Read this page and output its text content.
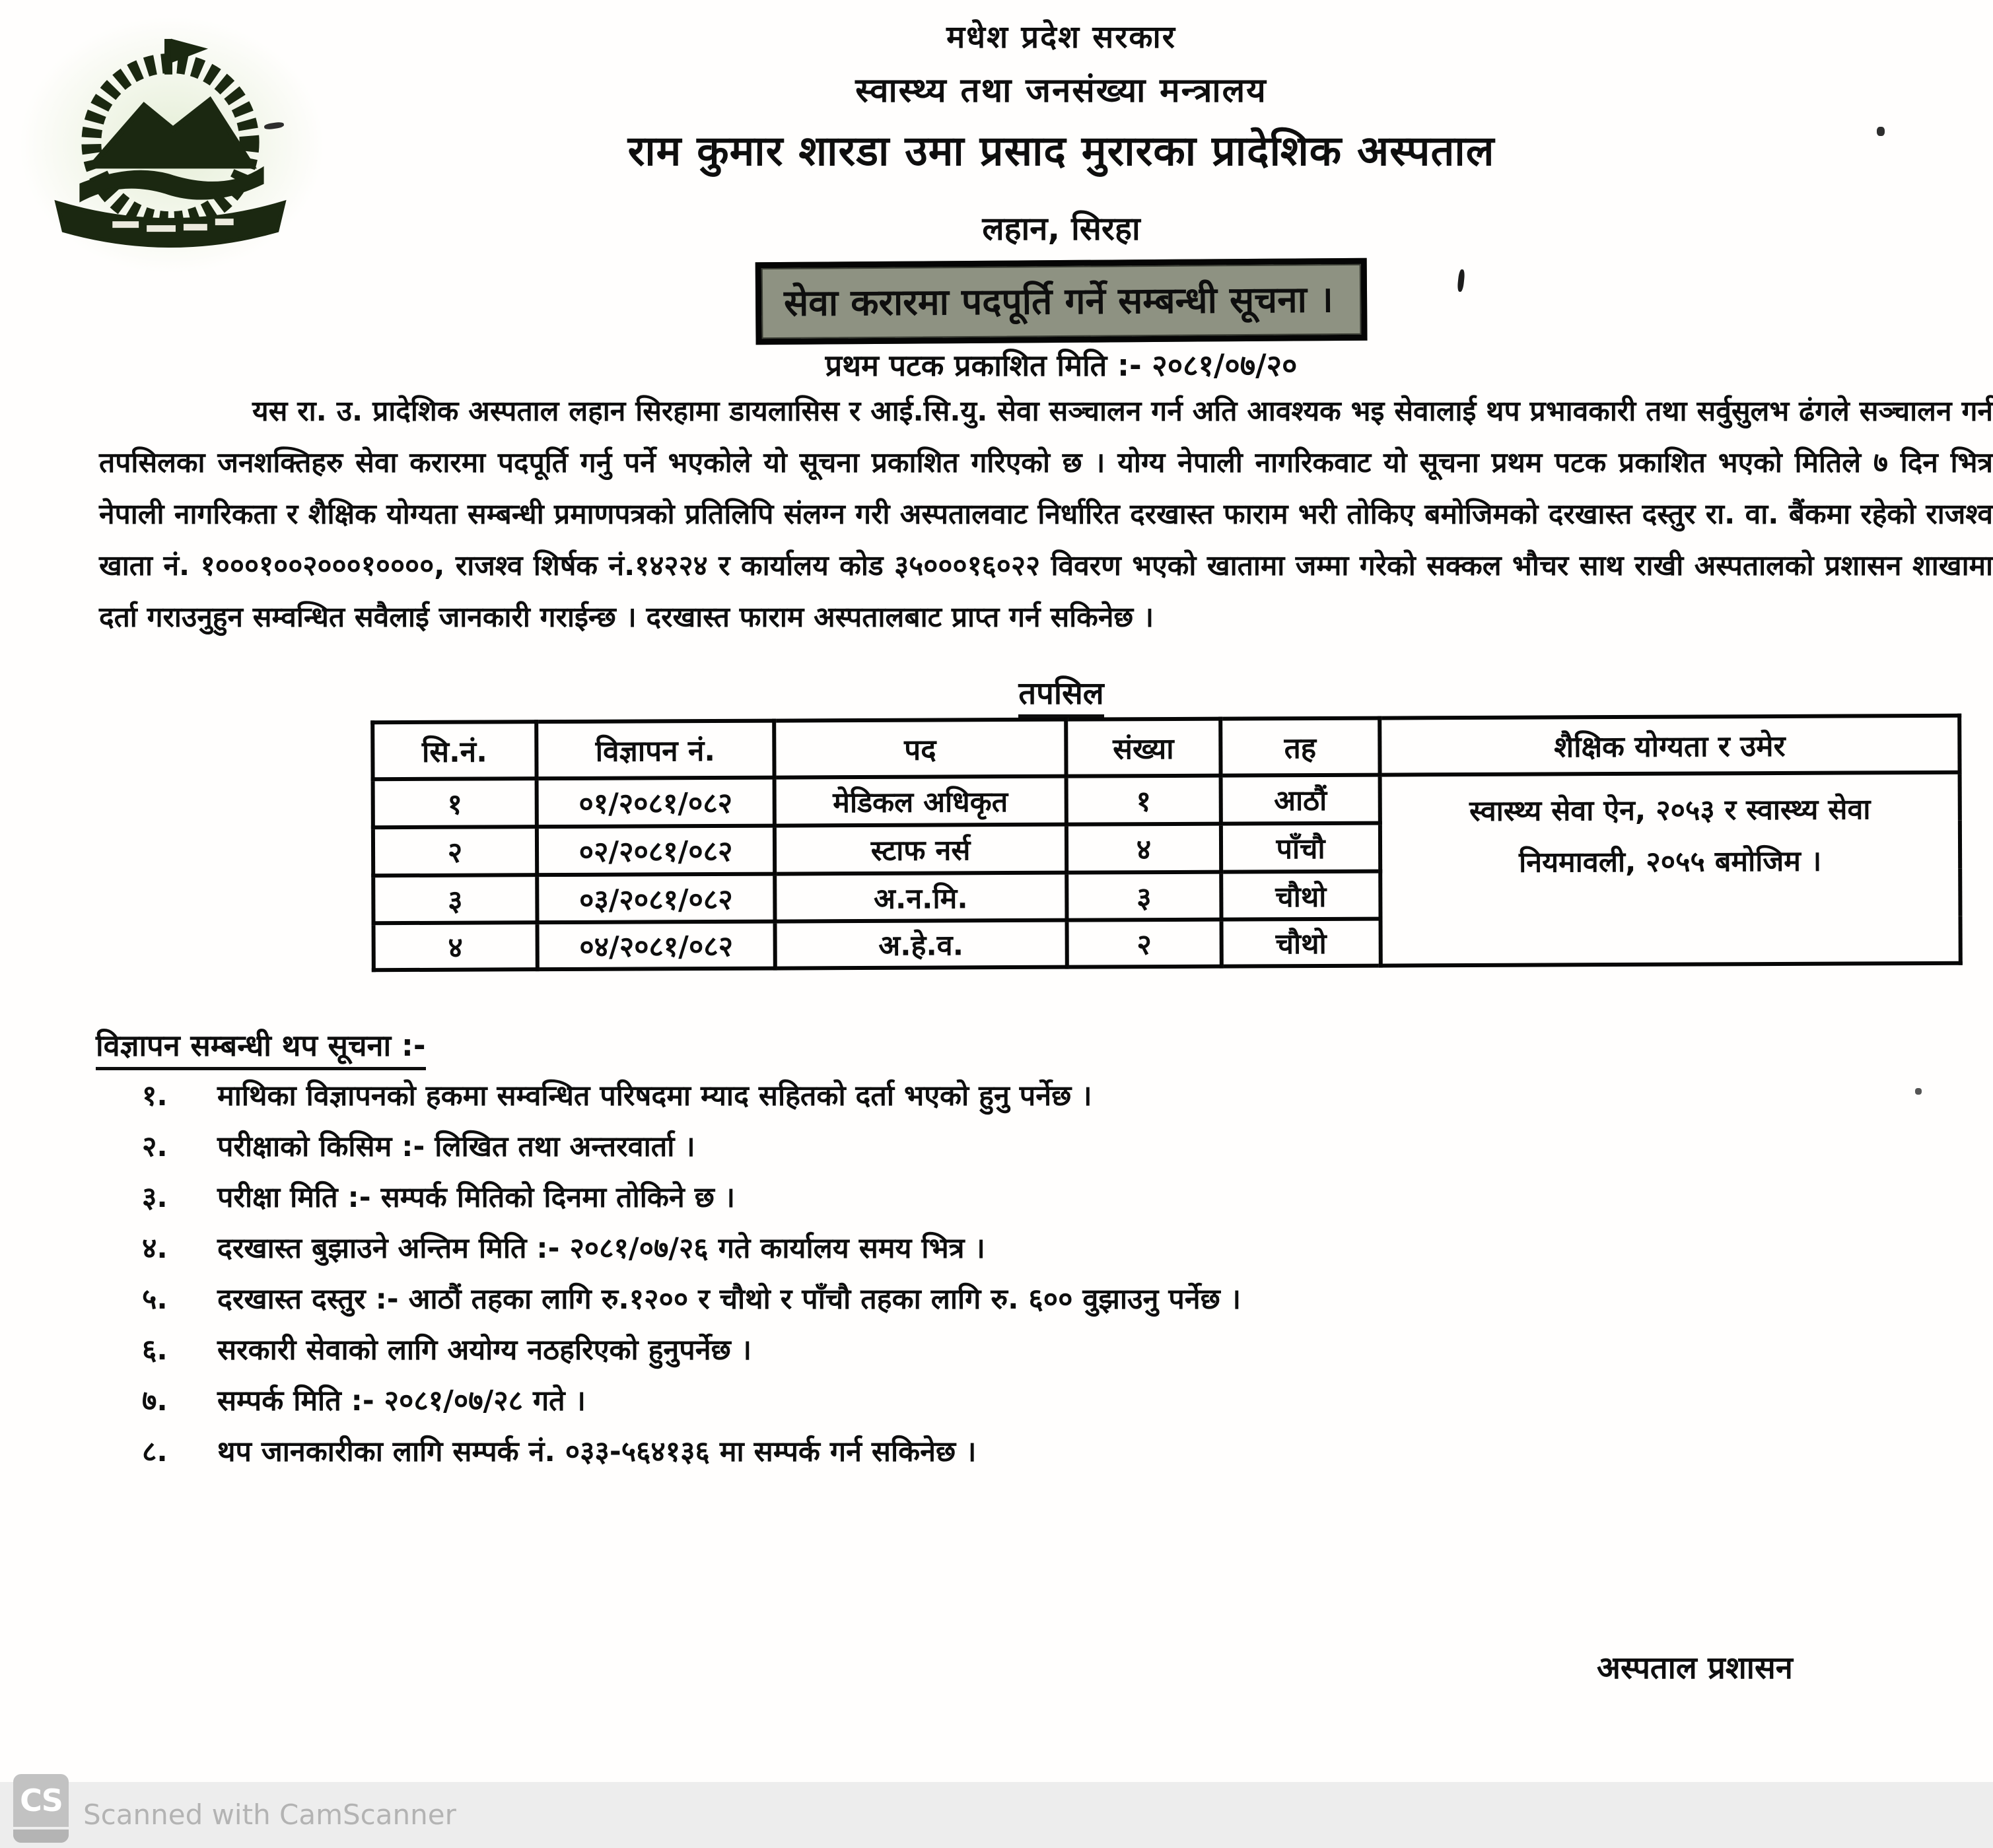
मधेश प्रदेश सरकार
स्वास्थ्य तथा जनसंख्या मन्त्रालय
राम कुमार शारडा उमा प्रसाद मुरारका प्रादेशिक अस्पताल
लहान, सिरहा
सेवा करारमा पदपूर्ति गर्ने सम्बन्धी सूचना ।
प्रथम पटक प्रकाशित मिति :- २०८१/०७/२०
यस रा. उ. प्रादेशिक अस्पताल लहान सिरहामा डायलासिस र आई.सि.यु. सेवा सञ्चालन गर्न अति आवश्यक भइ सेवालाई थप प्रभावकारी तथा सर्वुसुलभ ढंगले सञ्चालन गर्न तपसिलका जनशक्तिहरु सेवा करारमा पदपूर्ति गर्नु पर्ने भएकोले यो सूचना प्रकाशित गरिएको छ । योग्य नेपाली नागरिकवाट यो सूचना प्रथम पटक प्रकाशित भएको मितिले ७ दिन भित्र नेपाली नागरिकता र शैक्षिक योग्यता सम्बन्धी प्रमाणपत्रको प्रतिलिपि संलग्न गरी अस्पतालवाट निर्धारित दरखास्त फाराम भरी तोकिए बमोजिमको दरखास्त दस्तुर रा. वा. बैंकमा रहेको राजश्व खाता नं. १०००१००२०००१००००, राजश्व शिर्षक नं.१४२२४ र कार्यालय कोड ३५०००१६०२२ विवरण भएको खातामा जम्मा गरेको सक्कल भौचर साथ राखी अस्पतालको प्रशासन शाखामा दर्ता गराउनुहुन सम्वन्धित सवैलाई जानकारी गराईन्छ । दरखास्त फाराम अस्पतालबाट प्राप्त गर्न सकिनेछ ।
तपसिल
सि.नं.	विज्ञापन नं.	पद	संख्या	तह	शैक्षिक योग्यता र उमेर
१	०१/२०८१/०८२	मेडिकल अधिकृत	१	आठौं	स्वास्थ्य सेवा ऐन, २०५३ र स्वास्थ्य सेवा
नियमावली, २०५५ बमोजिम ।

२	०२/२०८१/०८२	स्टाफ नर्स	४	पाँचौ	
३	०३/२०८१/०८२	अ.न.मि.	३	चौथो	
४	०४/२०८१/०८२	अ.हे.व.	२	चौथो	
विज्ञापन सम्बन्धी थप सूचना :-
१.	माथिका विज्ञापनको हकमा सम्वन्धित परिषदमा म्याद सहितको दर्ता भएको हुनु पर्नेछ ।
२.	परीक्षाको किसिम :- लिखित तथा अन्तरवार्ता ।
३.	परीक्षा मिति :- सम्पर्क मितिको दिनमा तोकिने छ ।
४.	दरखास्त बुझाउने अन्तिम मिति :- २०८१/०७/२६ गते कार्यालय समय भित्र ।
५.	दरखास्त दस्तुर :- आठौं तहका लागि रु.१२०० र चौथो र पाँचौ तहका लागि रु. ६०० वुझाउनु पर्नेछ ।
६.	सरकारी सेवाको लागि अयोग्य नठहरिएको हुनुपर्नेछ ।
७.	सम्पर्क मिति :- २०८१/०७/२८ गते ।
८.	थप जानकारीका लागि सम्पर्क नं. ०३३-५६४१३६ मा सम्पर्क गर्न सकिनेछ ।
अस्पताल प्रशासन
CS Scanned with CamScanner
